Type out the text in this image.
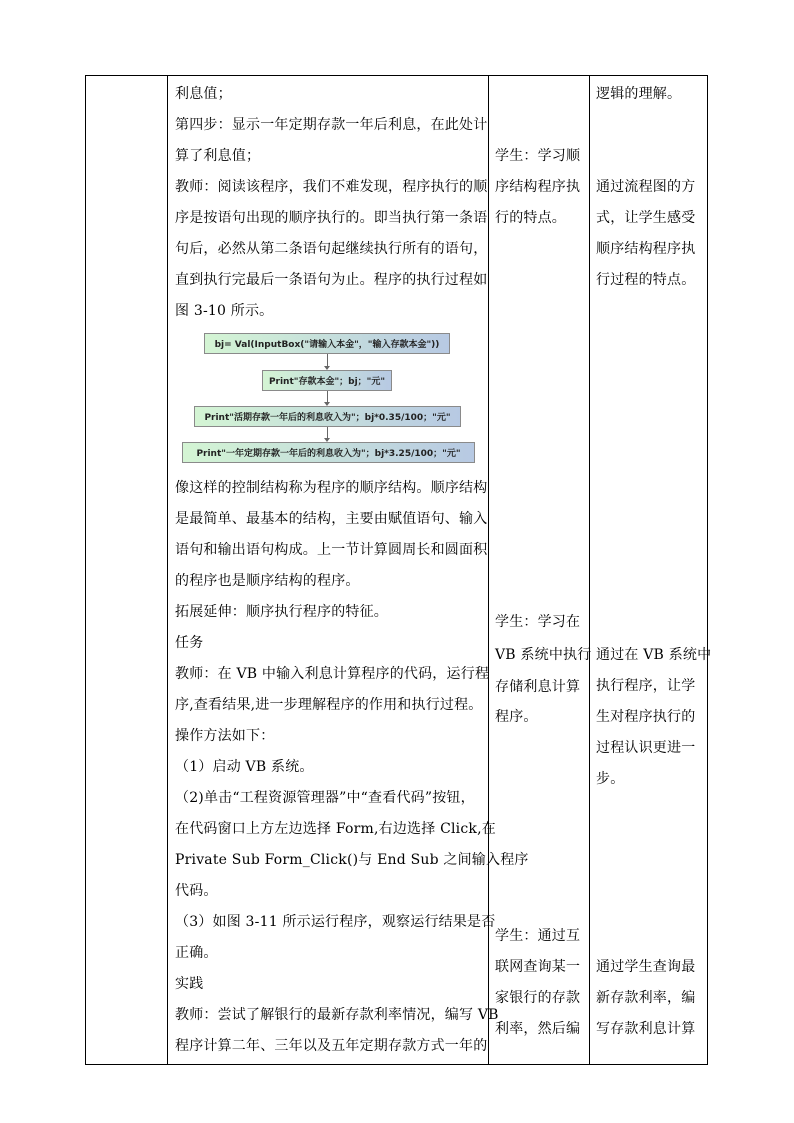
利息值；
第四步：显示一年定期存款一年后利息，在此处计
算了利息值；
教师：阅读该程序，我们不难发现，程序执行的顺
序是按语句出现的顺序执行的。即当执行第一条语
句后，必然从第二条语句起继续执行所有的语句，
直到执行完最后一条语句为止。程序的执行过程如
图 3-10 所示。
bj= Val(InputBox("请输入本金"，"输入存款本金"))
Print"存款本金"；bj；"元"
Print"活期存款一年后的利息收入为"；bj*0.35/100；"元"
Print"一年定期存款一年后的利息收入为"；bj*3.25/100；"元"
像这样的控制结构称为程序的顺序结构。顺序结构
是最简单、最基本的结构，主要由赋值语句、输入
语句和输出语句构成。上一节计算圆周长和圆面积
的程序也是顺序结构的程序。
拓展延伸：顺序执行程序的特征。
任务
教师：在 VB 中输入利息计算程序的代码，运行程
序,查看结果,进一步理解程序的作用和执行过程。
操作方法如下：
（1）启动 VB 系统。
（2)单击“工程资源管理器”中“查看代码”按钮，
在代码窗口上方左边选择 Form,右边选择 Click,在
Private Sub Form_Click()与 End Sub 之间输入程序
代码。
（3）如图 3-11 所示运行程序，观察运行结果是否
正确。
实践
教师：尝试了解银行的最新存款利率情况，编写 VB
程序计算二年、三年以及五年定期存款方式一年的
学生：学习顺
序结构程序执
行的特点。
学生：学习在
VB 系统中执行
存储利息计算
程序。
学生：通过互
联网查询某一
家银行的存款
利率，然后编
逻辑的理解。
通过流程图的方
式，让学生感受
顺序结构程序执
行过程的特点。
通过在 VB 系统中
执行程序，让学
生对程序执行的
过程认识更进一
步。
通过学生查询最
新存款利率，编
写存款利息计算
